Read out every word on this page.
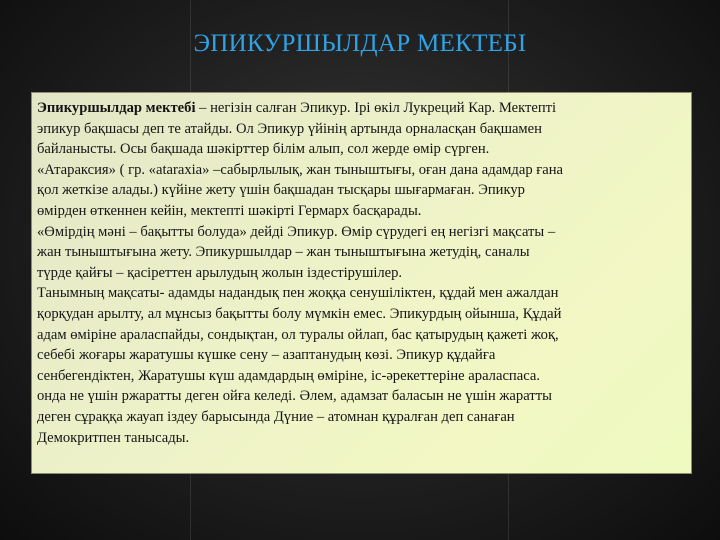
ЭПИКУРШЫЛДАР МЕКТЕБІ
Эпикуршылдар мектебі – негізін салған Эпикур. Ірі өкіл Лукреций Кар. Мектепті
эпикур бақшасы деп те атайды. Ол Эпикур үйінің артында орналасқан бақшамен
байланысты. Осы бақшада шәкірттер білім алып, сол жерде өмір сүрген.
«Атараксия» ( гр. «ataraxia» –сабырлылық, жан тыныштығы, оған дана адамдар ғана
қол жеткізе алады.) күйіне жету үшін бақшадан тысқары шығармаған. Эпикур
өмірден өткеннен кейін, мектепті шәкірті Гермарх басқарады.
«Өмірдің мәні – бақытты болуда» дейді Эпикур. Өмір сүрудегі ең негізгі мақсаты –
жан тыныштығына жету. Эпикуршылдар – жан тыныштығына жетудің, саналы
түрде қайғы – қасіреттен арылудың жолын іздестірушілер.
Танымның мақсаты- адамды надандық пен жоққа сенушіліктен, құдай мен ажалдан
қорқудан арылту, ал мұнсыз бақытты болу мүмкін емес. Эпикурдың ойынша, Құдай
адам өміріне араласпайды, сондықтан, ол туралы ойлап, бас қатырудың қажеті жоқ,
себебі жоғары жаратушы күшке сену – азаптанудың көзі. Эпикур құдайға
сенбегендіктен, Жаратушы күш адамдардың өміріне, іс-әрекеттеріне араласпаса.
онда не үшін ржаратты деген ойға келеді. Әлем, адамзат баласын не үшін жаратты
деген сұраққа жауап іздеу барысында Дүние – атомнан құралған деп санаған
Демокритпен танысады.
